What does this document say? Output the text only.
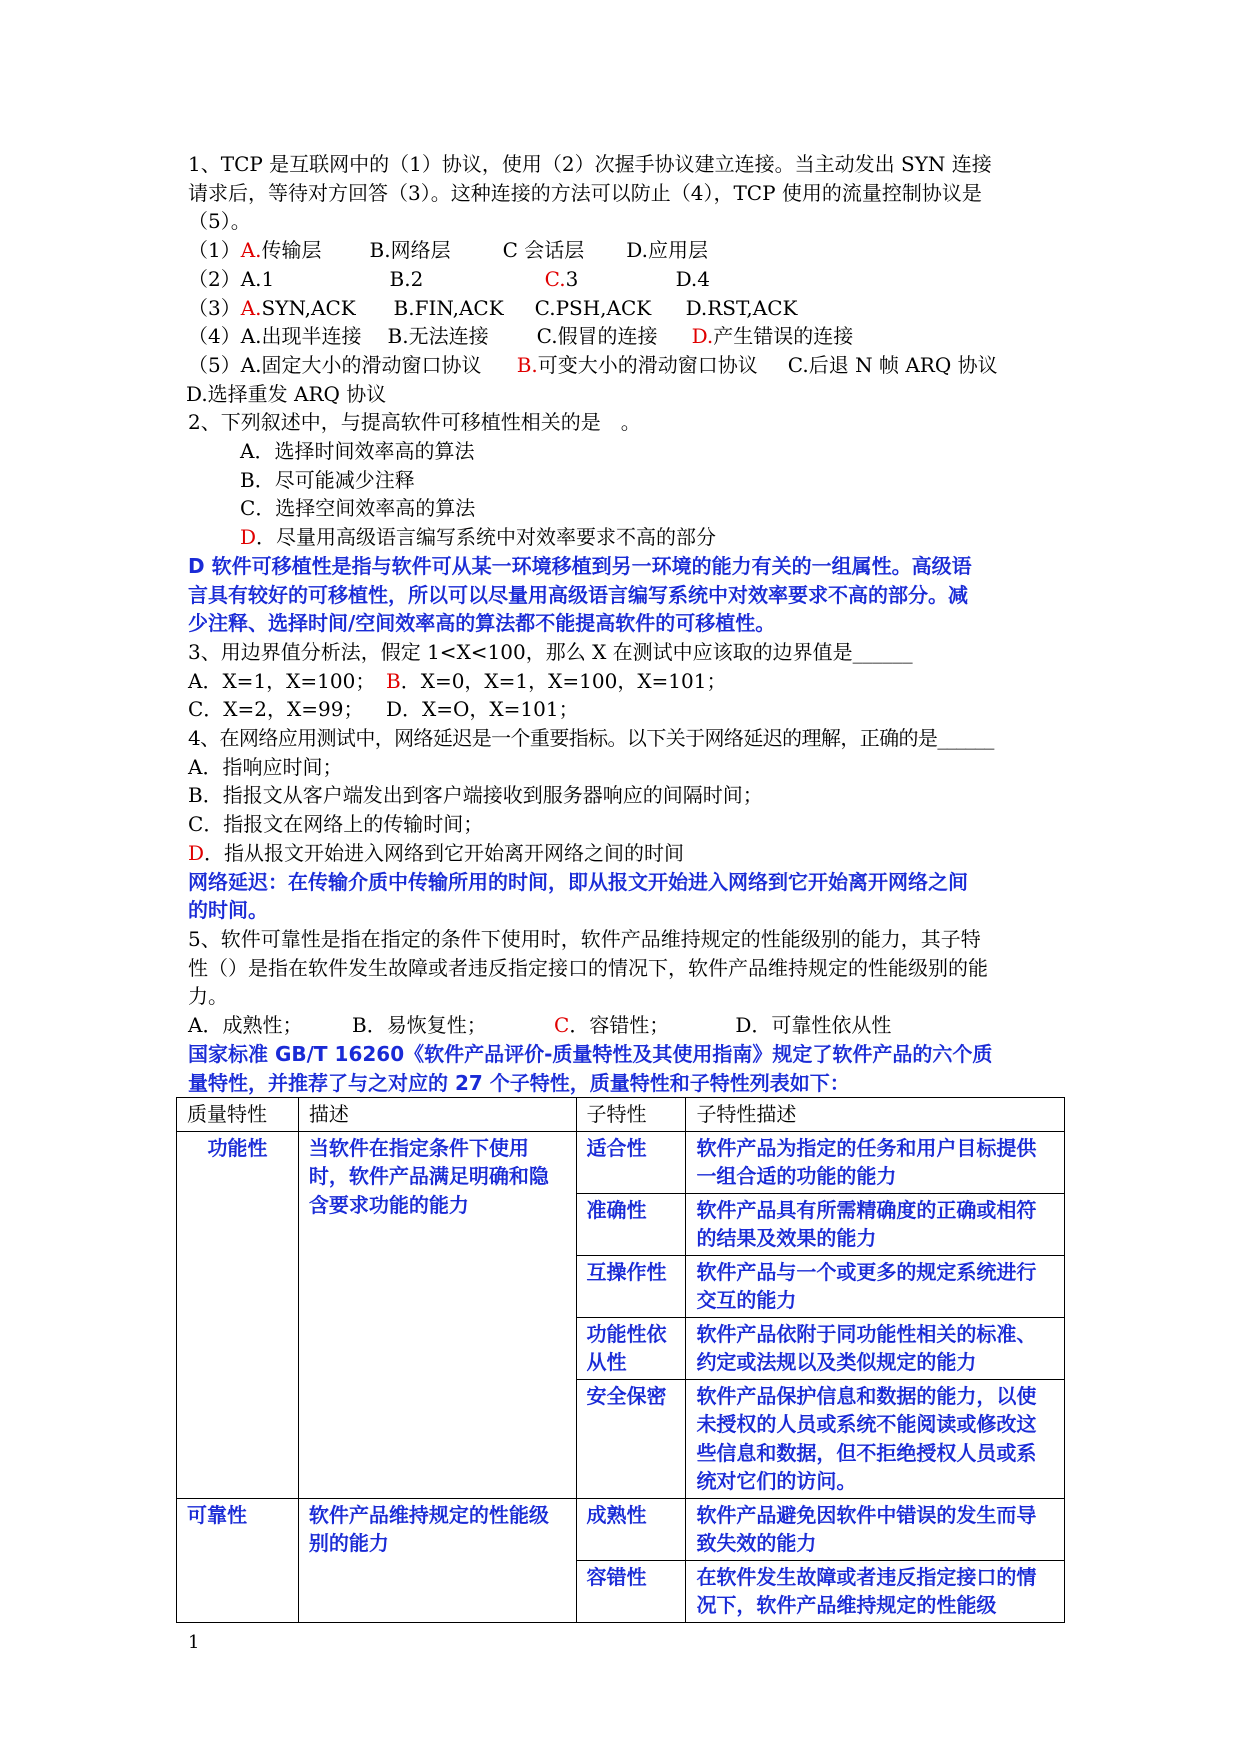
1、TCP 是互联网中的（1）协议，使用（2）次握手协议建立连接。当主动发出 SYN 连接
请求后，等待对方回答（3）。这种连接的方法可以防止（4），TCP 使用的流量控制协议是
（5）。
（1）A.传输层 B.网络层	C 会话层 D.应用层
（2）A.1	B.2	C.3	D.4
（3）A.SYN,ACK B.FIN,ACK C.PSH,ACK D.RST,ACK
（4）A.出现半连接 B.无法连接 C.假冒的连接 D.产生错误的连接
（5）A.固定大小的滑动窗口协议 B.可变大小的滑动窗口协议 C.后退 N 帧 ARQ 协议
D.选择重发 ARQ 协议
2、下列叙述中，与提高软件可移植性相关的是　。
A．选择时间效率高的算法
B．尽可能减少注释
C．选择空间效率高的算法
D．尽量用高级语言编写系统中对效率要求不高的部分
D 软件可移植性是指与软件可从某一环境移植到另一环境的能力有关的一组属性。高级语
言具有较好的可移植性，所以可以尽量用高级语言编写系统中对效率要求不高的部分。减
少注释、选择时间/空间效率高的算法都不能提高软件的可移植性。
3、用边界值分析法，假定 1<X<100，那么 X 在测试中应该取的边界值是______
A．X=1，X=100； B．X=0，X=1，X=100，X=101；
C．X=2，X=99； D．X=O，X=101；
4、在网络应用测试中，网络延迟是一个重要指标。以下关于网络延迟的理解，正确的是______
A．指响应时间；
B．指报文从客户端发出到客户端接收到服务器响应的间隔时间；
C．指报文在网络上的传输时间；
D．指从报文开始进入网络到它开始离开网络之间的时间
网络延迟：在传输介质中传输所用的时间，即从报文开始进入网络到它开始离开网络之间
的时间。
5、软件可靠性是指在指定的条件下使用时，软件产品维持规定的性能级别的能力，其子特
性（）是指在软件发生故障或者违反指定接口的情况下，软件产品维持规定的性能级别的能
力。
A．成熟性； B．易恢复性；	C．容错性；	D．可靠性依从性
国家标准 GB/T 16260《软件产品评价-质量特性及其使用指南》规定了软件产品的六个质
量特性，并推荐了与之对应的 27 个子特性，质量特性和子特性列表如下：
质量特性	描述	子特性	子特性描述
功能性	当软件在指定条件下使用时，软件产品满足明确和隐含要求功能的能力	适合性	软件产品为指定的任务和用户目标提供一组合适的功能的能力
		准确性	软件产品具有所需精确度的正确或相符的结果及效果的能力
		互操作性	软件产品与一个或更多的规定系统进行交互的能力
		功能性依从性	软件产品依附于同功能性相关的标准、约定或法规以及类似规定的能力
		安全保密	软件产品保护信息和数据的能力，以使未授权的人员或系统不能阅读或修改这些信息和数据，但不拒绝授权人员或系统对它们的访问。
可靠性	软件产品维持规定的性能级别的能力	成熟性	软件产品避免因软件中错误的发生而导致失效的能力
		容错性	在软件发生故障或者违反指定接口的情况下，软件产品维持规定的性能级
1
